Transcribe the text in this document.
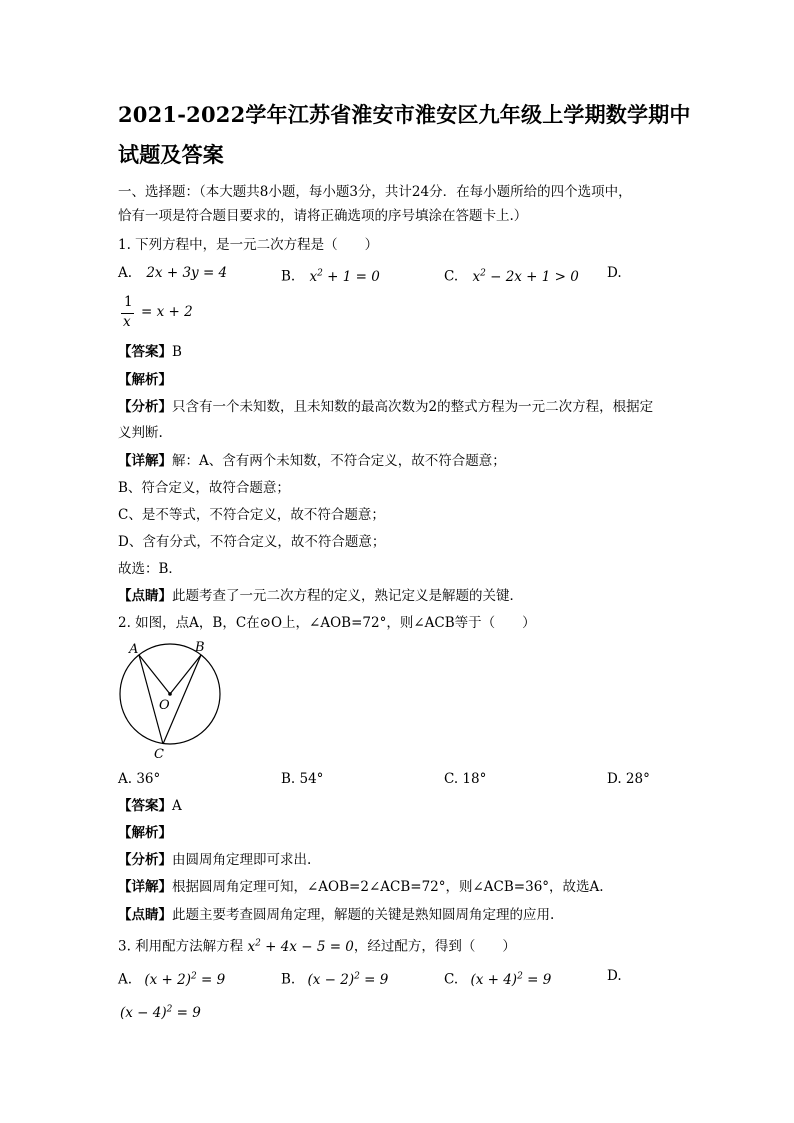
2021-2022学年江苏省淮安市淮安区九年级上学期数学期中
试题及答案
一、选择题：（本大题共8小题，每小题3分，共计24分．在每小题所给的四个选项中，
恰有一项是符合题目要求的，请将正确选项的序号填涂在答题卡上.）
1. 下列方程中，是一元二次方程是（　　）
A. 2x + 3y = 4	B. $x^2 + 1 = 0$	C. $x^2 - 2x + 1 > 0$ D.
1
x
= x + 2
【答案】B
【解析】
【分析】只含有一个未知数，且未知数的最高次数为2的整式方程为一元二次方程，根据定
义判断.
【详解】解：A、含有两个未知数，不符合定义，故不符合题意；
B、符合定义，故符合题意；
C、是不等式，不符合定义，故不符合题意；
D、含有分式，不符合定义，故不符合题意；
故选：B．
【点睛】此题考查了一元二次方程的定义，熟记定义是解题的关键．
2. 如图，点A，B，C在⊙O上，∠AOB=72°，则∠ACB等于（　　）
A	B
O
C
A. 36°	B. 54°	C. 18°	D. 28°
【答案】A
【解析】
【分析】由圆周角定理即可求出.
【详解】根据圆周角定理可知，∠AOB=2∠ACB=72°，则∠ACB=36°，故选A.
【点睛】此题主要考查圆周角定理，解题的关键是熟知圆周角定理的应用.
3. 利用配方法解方程 $x^2 + 4x - 5 = 0$，经过配方，得到（　　）
A. $(x + 2)^2 = 9$	B. $(x - 2)^2 = 9$	C. $(x + 4)^2 = 9$	D.
$(x - 4)^2 = 9$
